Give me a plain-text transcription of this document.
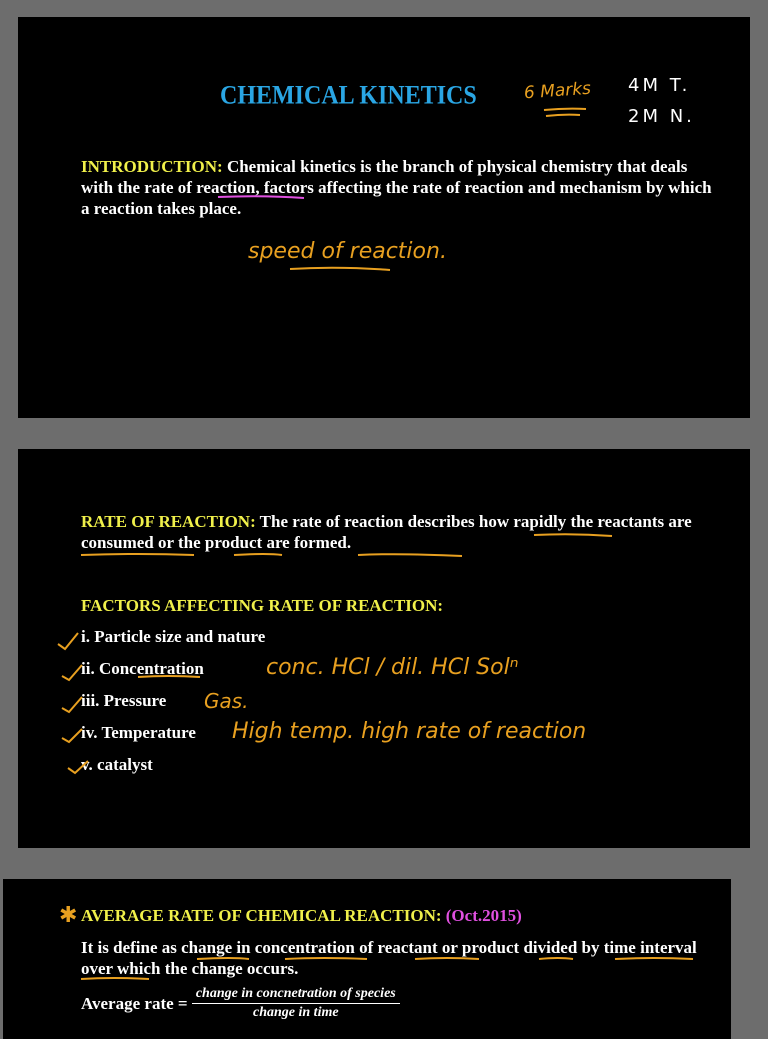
CHEMICAL KINETICS	6 Marks 4M T.
2M N.
INTRODUCTION: Chemical kinetics is the branch of physical chemistry that deals with the rate of reaction, factors affecting the rate of reaction and mechanism by which a reaction takes place.
speed of reaction.
RATE OF REACTION: The rate of reaction describes how rapidly the reactants are consumed or the product are formed.
FACTORS AFFECTING RATE OF REACTION:
i. Particle size and nature
ii. Concentration
iii. Pressure
iv. Temperature
v. catalyst
conc. HCl / dil. HCl Solⁿ
Gas.
High temp. high rate of reaction
✱ AVERAGE RATE OF CHEMICAL REACTION: (Oct.2015)
It is define as change in concentration of reactant or product divided by time interval over which the change occurs.
Average rate = $\frac{\text{change in concnetration of species}}{\text{change in time}}$
